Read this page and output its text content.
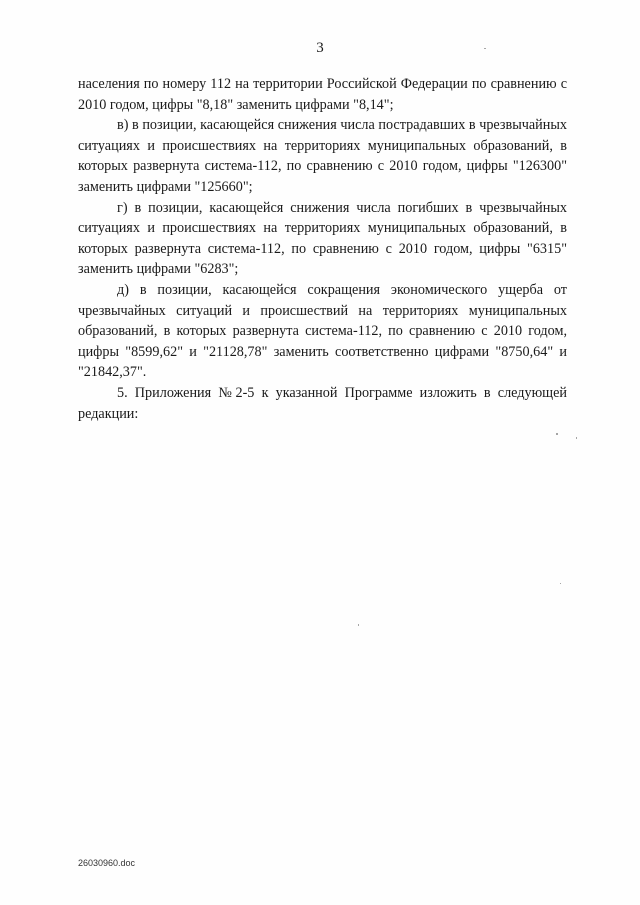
3

населения по номеру 112 на территории Российской Федерации по сравнению с 2010 годом, цифры "8,18" заменить цифрами "8,14";

в) в позиции, касающейся снижения числа пострадавших в чрезвычайных ситуациях и происшествиях на территориях муниципальных образований, в которых развернута система-112, по сравнению с 2010 годом, цифры "126300" заменить цифрами "125660";

г) в позиции, касающейся снижения числа погибших в чрезвычайных ситуациях и происшествиях на территориях муниципальных образований, в которых развернута система-112, по сравнению с 2010 годом, цифры "6315" заменить цифрами "6283";

д) в позиции, касающейся сокращения экономического ущерба от чрезвычайных ситуаций и происшествий на территориях муниципальных образований, в которых развернута система-112, по сравнению с 2010 годом, цифры "8599,62" и "21128,78" заменить соответственно цифрами "8750,64" и "21842,37".

5. Приложения №2-5 к указанной Программе изложить в следующей редакции:

26030960.doc
